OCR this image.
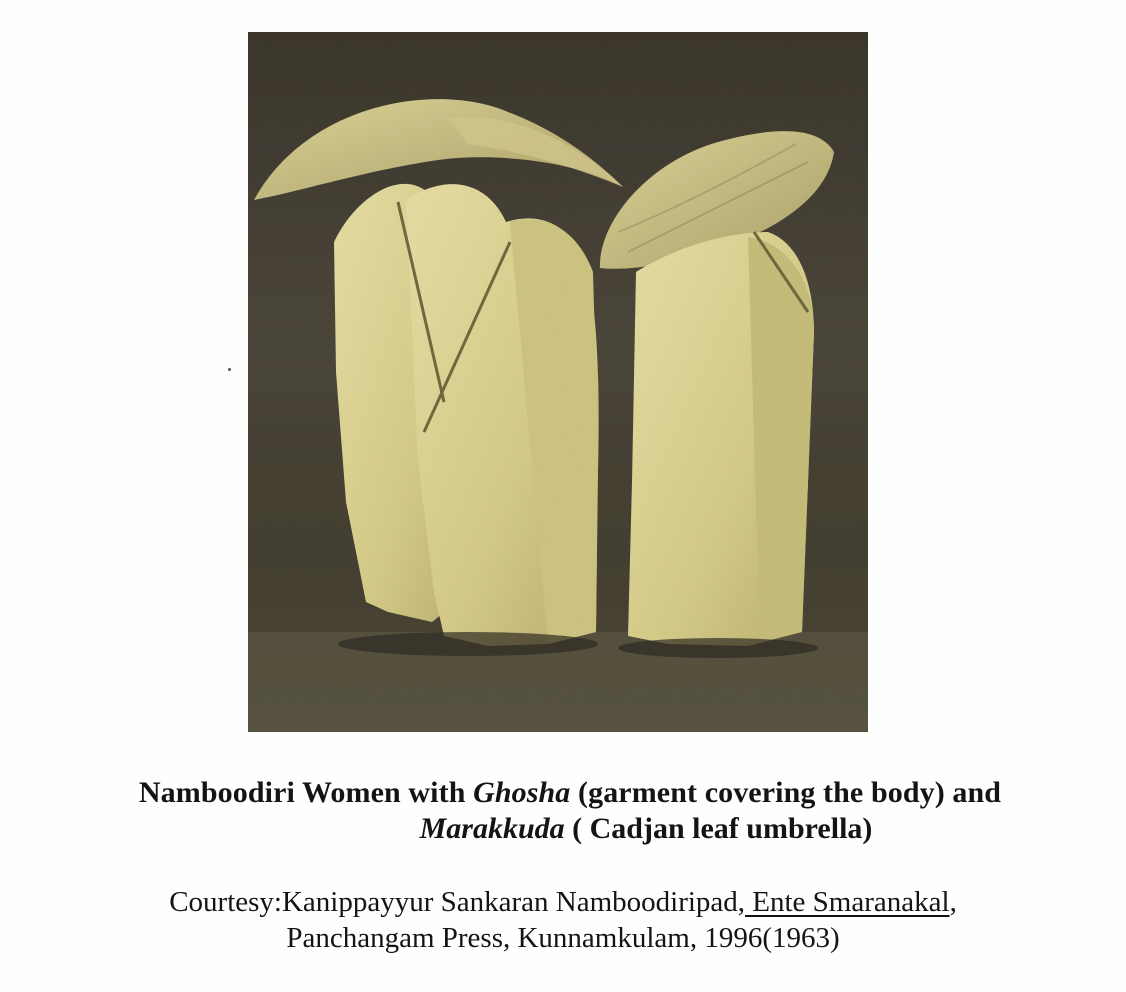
Namboodiri Women with Ghosha (garment covering the body) and
Marakkuda ( Cadjan leaf umbrella)
Courtesy:Kanippayyur Sankaran Namboodiripad, Ente Smaranakal,
Panchangam Press, Kunnamkulam, 1996(1963)
